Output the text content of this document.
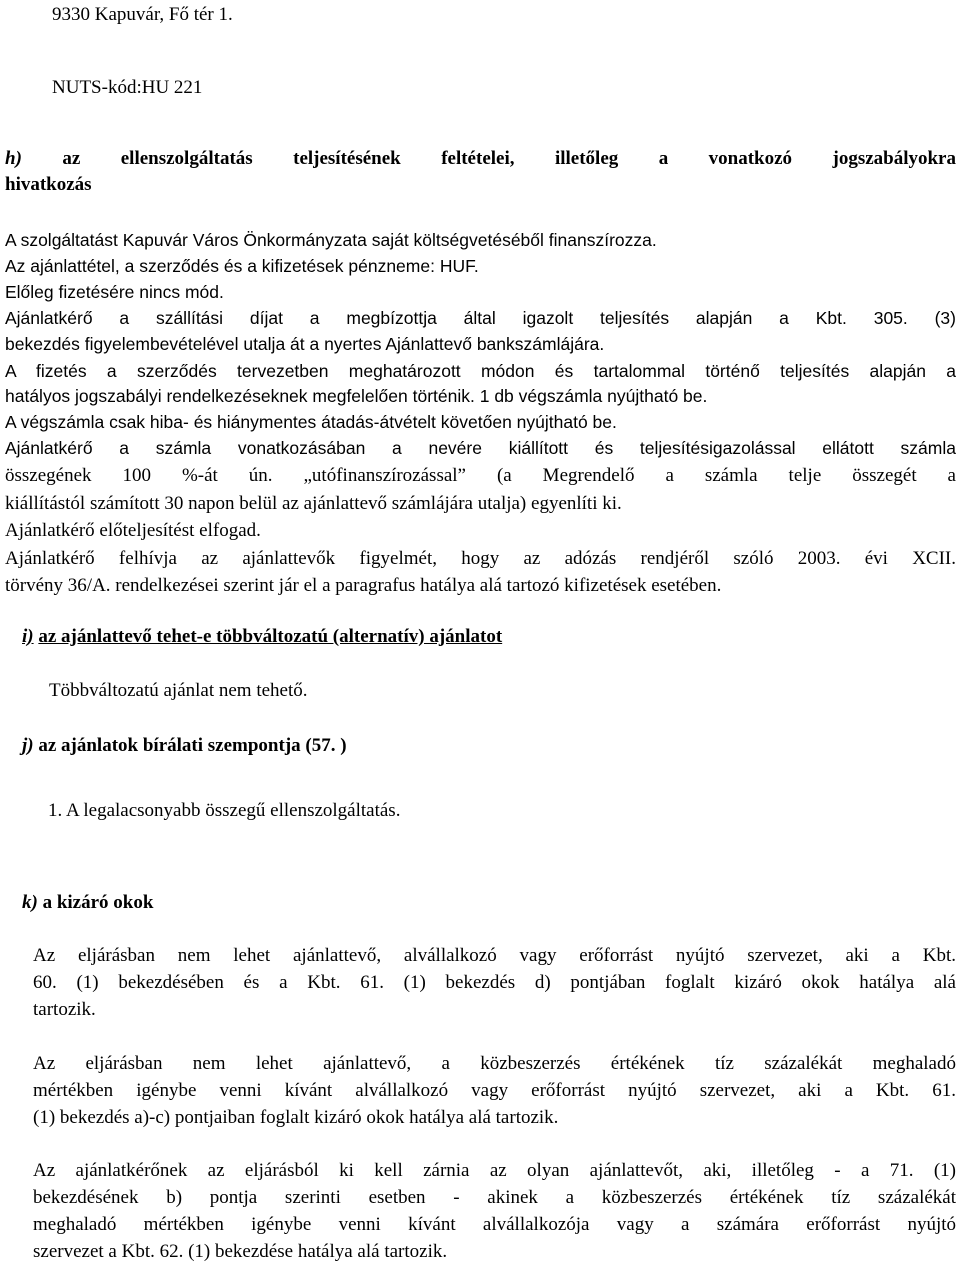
9330 Kapuvár, Fő tér 1.
NUTS-kód:HU 221
h) az ellenszolgáltatás teljesítésének feltételei, illetőleg a vonatkozó jogszabályokra
hivatkozás
A szolgáltatást Kapuvár Város Önkormányzata saját költségvetéséből finanszírozza.
Az ajánlattétel, a szerződés és a kifizetések pénzneme: HUF.
Előleg fizetésére nincs mód.
Ajánlatkérő a szállítási díjat a megbízottja által igazolt teljesítés alapján a Kbt. 305. (3)
bekezdés figyelembevételével utalja át a nyertes Ajánlattevő bankszámlájára.
A fizetés a szerződés tervezetben meghatározott módon és tartalommal történő teljesítés alapján a
hatályos jogszabályi rendelkezéseknek megfelelően történik. 1 db végszámla nyújtható be.
A végszámla csak hiba- és hiánymentes átadás-átvételt követően nyújtható be.
Ajánlatkérő a számla vonatkozásában a nevére kiállított és teljesítésigazolással ellátott számla
összegének 100 %-át ún. „utófinanszírozással” (a Megrendelő a számla telje összegét a
kiállítástól számított 30 napon belül az ajánlattevő számlájára utalja) egyenlíti ki.
Ajánlatkérő előteljesítést elfogad.
Ajánlatkérő felhívja az ajánlattevők figyelmét, hogy az adózás rendjéről szóló 2003. évi XCII.
törvény 36/A. rendelkezései szerint jár el a paragrafus hatálya alá tartozó kifizetések esetében.
i) az ajánlattevő tehet-e többváltozatú (alternatív) ajánlatot
Többváltozatú ajánlat nem tehető.
j) az ajánlatok bírálati szempontja (57. )
1. A legalacsonyabb összegű ellenszolgáltatás.
k) a kizáró okok
Az eljárásban nem lehet ajánlattevő, alvállalkozó vagy erőforrást nyújtó szervezet, aki a Kbt.
60. (1) bekezdésében és a Kbt. 61. (1) bekezdés d) pontjában foglalt kizáró okok hatálya alá
tartozik.
Az eljárásban nem lehet ajánlattevő, a közbeszerzés értékének tíz százalékát meghaladó
mértékben igénybe venni kívánt alvállalkozó vagy erőforrást nyújtó szervezet, aki a Kbt. 61.
(1) bekezdés a)-c) pontjaiban foglalt kizáró okok hatálya alá tartozik.
Az ajánlatkérőnek az eljárásból ki kell zárnia az olyan ajánlattevőt, aki, illetőleg - a 71. (1)
bekezdésének b) pontja szerinti esetben - akinek a közbeszerzés értékének tíz százalékát
meghaladó mértékben igénybe venni kívánt alvállalkozója vagy a számára erőforrást nyújtó
szervezet a Kbt. 62. (1) bekezdése hatálya alá tartozik.
